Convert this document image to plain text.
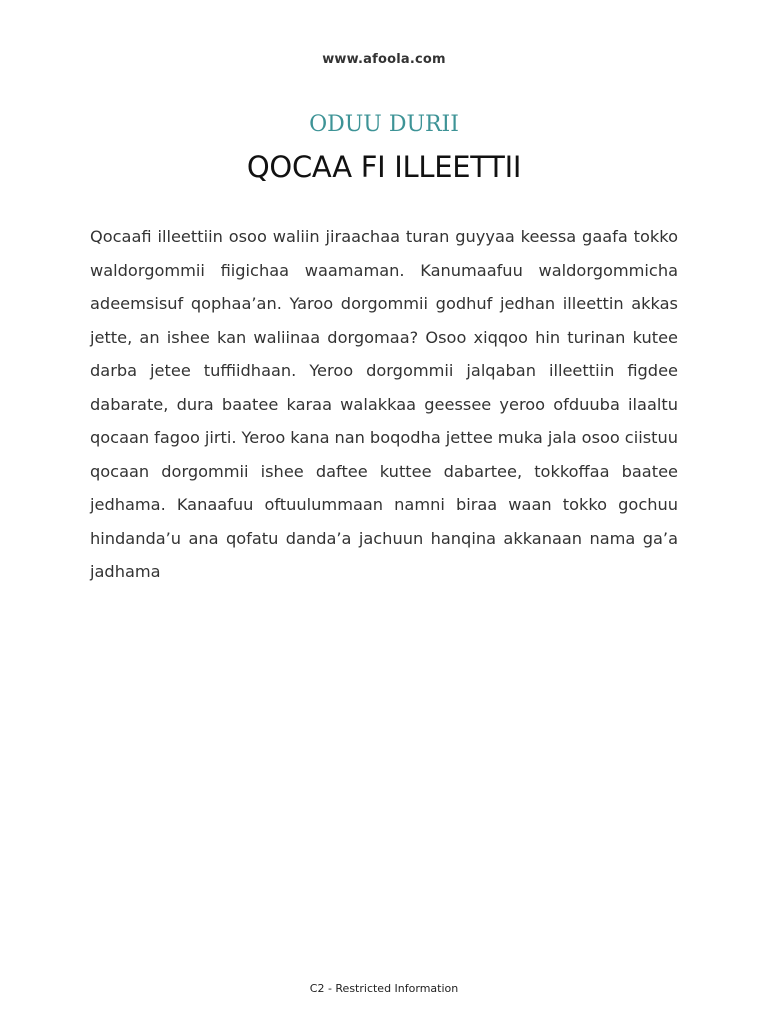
www.afoola.com
ODUU DURII
QOCAA FI ILLEETTII

Qocaafi illeettiin osoo waliin jiraachaa turan guyyaa keessa gaafa tokko waldorgommii fiigichaa waamaman. Kanumaafuu waldorgommicha adeemsisuf qophaa’an. Yaroo dorgommii godhuf jedhan illeettin akkas jette, an ishee kan waliinaa dorgomaa? Osoo xiqqoo hin turinan kutee darba jetee tuffiidhaan. Yeroo dorgommii jalqaban illeettiin figdee dabarate, dura baatee karaa walakkaa geessee yeroo ofduuba ilaaltu qocaan fagoo jirti. Yeroo kana nan boqodha jettee muka jala osoo ciistuu qocaan dorgommii ishee daftee kuttee dabartee, tokkoffaa baatee jedhama. Kanaafuu oftuulummaan namni biraa waan tokko gochuu hindanda’u ana qofatu danda’a jachuun hanqina akkanaan nama ga’a jadhama

C2 - Restricted Information
